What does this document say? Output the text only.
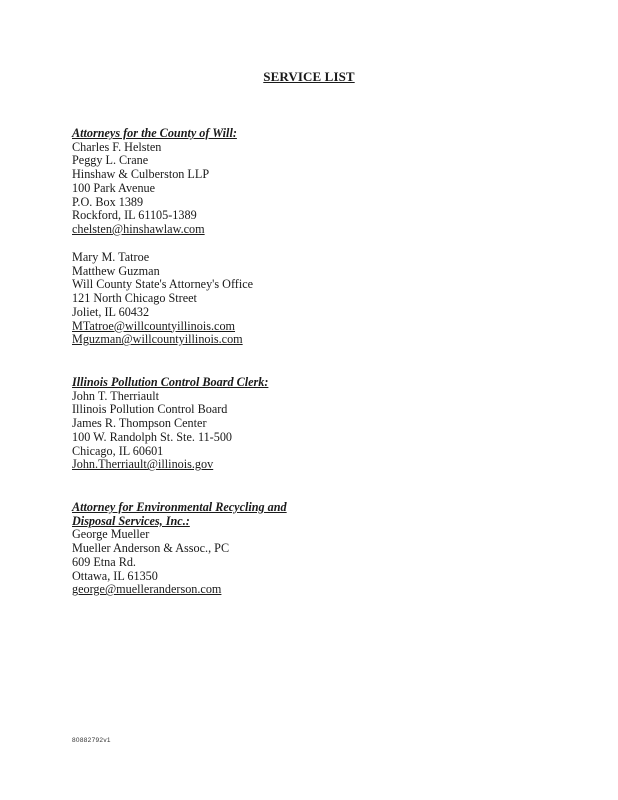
SERVICE LIST
Attorneys for the County of Will:
Charles F. Helsten
Peggy L. Crane
Hinshaw & Culberston LLP
100 Park Avenue
P.O. Box 1389
Rockford, IL 61105-1389
chelsten@hinshawlaw.com
Mary M. Tatroe
Matthew Guzman
Will County State's Attorney's Office
121 North Chicago Street
Joliet, IL 60432
MTatroe@willcountyillinois.com
Mguzman@willcountyillinois.com
Illinois Pollution Control Board Clerk:
John T. Therriault
Illinois Pollution Control Board
James R. Thompson Center
100 W. Randolph St. Ste. 11-500
Chicago, IL 60601
John.Therriault@illinois.gov
Attorney for Environmental Recycling and
Disposal Services, Inc.:
George Mueller
Mueller Anderson & Assoc., PC
609 Etna Rd.
Ottawa, IL 61350
george@muelleranderson.com
80882792v1
